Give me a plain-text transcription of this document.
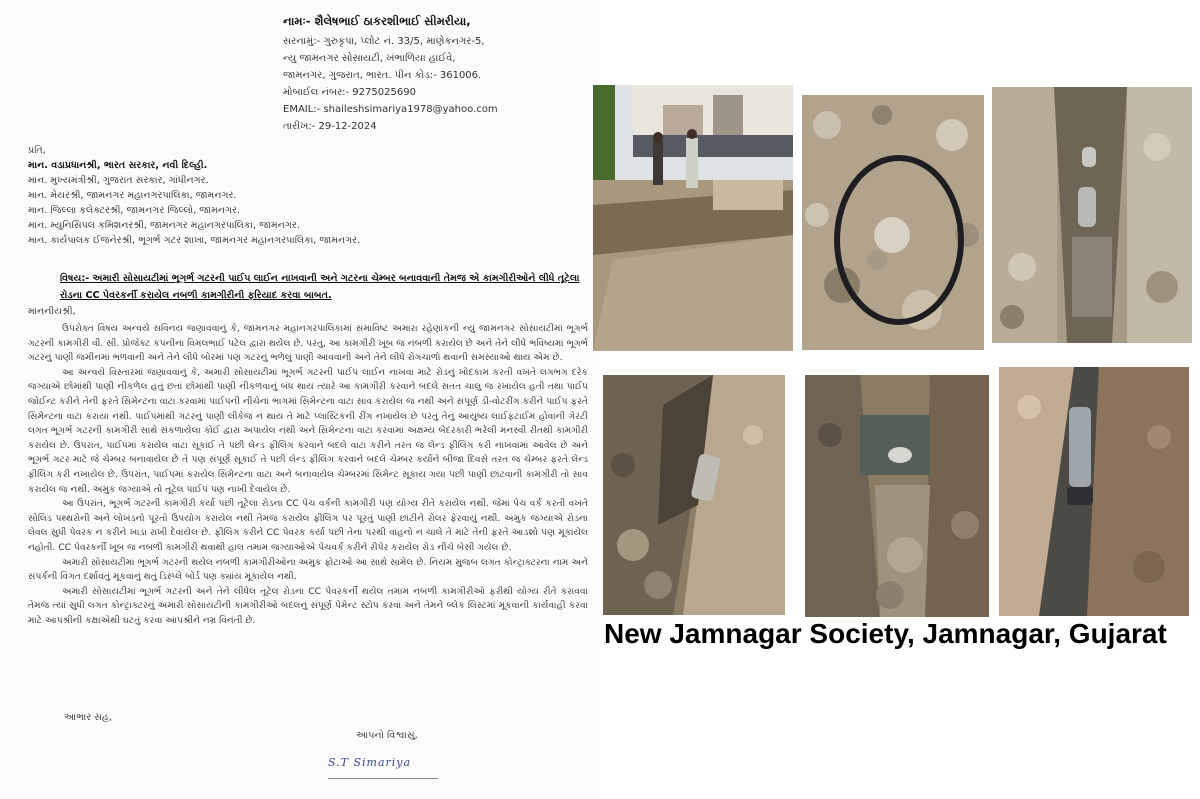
નામઃ- શૈલેષભાઈ ઠાકરશીભાઈ સીમરીયા,
સરનામું:- ગુરુકૃપા, પ્લોટ નં. 33/5, માણેકનગર-5,
ન્યુ જામનગર સોસાયટી, ખંભાળિયા હાઈવે,
જામનગર, ગુજરાત, ભારત. પીન કોડ:- 361006.
મોબાઈલ નંબર:- 9275025690
EMAIL:- shaileshsimariya1978@yahoo.com
તારીખ:- 29-12-2024
પ્રતિ,
માન. વડાપ્રધાનશ્રી, ભારત સરકાર, નવી દિલ્હી.
માન. મુખ્યમંત્રીશ્રી, ગુજરાત સરકાર, ગાંધીનગર.
માન. મેયરશ્રી, જામનગર મહાનગરપાલિકા, જામનગર.
માન. જિલ્લા કલેક્ટરશ્રી, જામનગર જિલ્લો, જામનગર.
માન. મ્યુનિસિપલ કમિશનરશ્રી, જામનગર મહાનગરપાલિકા, જામનગર.
માન. કાર્યપાલક ઈજનેરશ્રી, ભૂગર્ભ ગટર શાખા, જામનગર મહાનગરપાલિકા, જામનગર.
વિષય:- અમારી સોસાયટીમાં ભૂગર્ભ ગટરની પાઈપ લાઈન નાખવાની અને ગટરના ચેમ્બર બનાવવાની તેમજ એ કામગીરીઓને લીધે તૂટેલા રોડના CC પેવરકર્ની કરાયેલ નબળી કામગીરીની ફરિયાદ કરવા બાબત.
માનનીયશ્રી,

ઉપરોક્ત વિષય અન્વયે સવિનય જણાવવાનું કે, જામનગર મહાનગરપાલિકામાં સમાવિષ્ટ અમારા રહેણાંકની ન્યુ જામનગર સોસાયટીમાં ભૂગર્ભ ગટરની કામગીરી વી. સી. પ્રોજેક્ટ કંપનીના વિમલભાઈ પટેલ દ્વારા થયેલ છે. પરંતુ, આ કામગીરી ખૂબ જ નબળી કરાયેલ છે અને તેને લીધે ભવિષ્યમાં ભૂગર્ભ ગટરનું પાણી જમીનમાં ભળવાની અને તેને લીધે બોરમાં પણ ગટરનું ભળેલું પાણી આવવાની અને તેને લીધે રોગચાળો થવાની સમસ્યાઓ થાય એમ છે.

આ અન્વયે વિસ્તારમાં જણાવવાનું કે, અમારી સોસાયટીમાં ભૂગર્ભ ગટરની પાઈપ લાઈન નાખવા માટે રોડનું ખોદકામ કરતી વખતે લગભગ દરેક જગ્યાએ છોમાંથી પાણી નીકળેલ હતું છતાં છોમાંથી પાણી નીકળવાનું બંધ થાય ત્યારે આ કામગીરી કરવાને બદલે સતત ચાલુ જ રખાયેલ હતી તથા પાઈપ જોઈન્ટ કરીને તેની ફરતે સિમેન્ટના વાટા કરવામાં પાઈપની નીચેના ભાગમાં સિમેન્ટના વાટા સાવ કરાયેલ જ નથી અને સંપૂર્ણ ડી-વોટરીંગ કરીને પાઈપ ફરતે સિમેન્ટના વાટા કરાયા નથી. પાઈપમાંથી ગટરનું પાણી લીકેજ ન થાય તે માટે પ્લાસ્ટિકની રીંગ નખાયેલ છે પરંતુ તેનું આયુષ્ય લાઈફટાઈમ હોવાની ગેરંટી લગત ભૂગર્ભ ગટરની કામગીરી સાથે સંકળાયેલા કોઈ દ્વારા અપાયેલ નથી અને સિમેન્ટના વાટા કરવામાં અક્ષમ્ય બેદરકારી ભરેલી મનસ્વી રીતથી કામગીરી કરાયેલ છે. ઉપરાંત, પાઈપમાં કરાયેલ વાટા સૂકાઈ તે પછી લેન્ડ ફીલિંગ કરવાને બદલે વાટા કરીને તરત જ લેન્ડ ફીલિંગ કરી નાખવામાં આવેલ છે અને ભૂગર્ભ ગટર માટે જે ચેમ્બર બનાવાયેલ છે તે પણ સંપૂર્ણ સૂકાઈ તે પછી લેન્ડ ફીલિંગ કરવાને બદલે ચેમ્બર કર્યાને બીજા દિવસે તરત જ ચેમ્બર ફરતે લેન્ડ ફીલિંગ કરી નખાયેલ છે. ઉપરાંત, પાઈપમાં કરાયેલ સિમેન્ટના વાટા અને બનાવાયેલ ચેમ્બરમાં સિમેન્ટ સૂકાય ગયા પછી પાણી છાંટવાની કામગીરી તો સાવ કરાયેલ જ નથી. અમુક જગ્યાએ તો તૂટેલ પાઈપ પણ નાખી દેવાયેલ છે.

આ ઉપરાંત, ભૂગર્ભ ગટરની કામગીરી કર્યા પછી તૂટેલા રોડના CC પેચ વર્કની કામગીરી પણ યોગ્ય રીતે કરાયેલ નથી. જેમાં પેચ વર્ક કરતી વખતે સોલિડ પથ્થરોની અને લોખંડનો પૂરતો ઉપયોગ કરાયેલ નથી તેમજ કરાયેલ ફીલિંગ પર પૂરતું પાણી છાંટીને રોલર ફેરવાયું નથી. અમુક જગ્યાએ રોડના લેવલ સુધી પેવરક ન કરીને ખાડા રાખી દેવાયેલ છે. ફીલિંગ કરીને CC પેવરક કર્યા પછી તેના પરથી વાહનો ન ચાલે તે માટે તેની ફરતે આડશો પણ મૂકાયેલ નહોતી. CC પેવરકર્ની ખૂબ જ નબળી કામગીરી થવાથી હાલ તમામ જગ્યાઓએ પેચવર્ક કરીને રીપેર કરાયેલ રોડ નીચે બેસી ગયેલ છે.

અમારી સોસાયટીમાં ભૂગર્ભ ગટરની થયેલ નબળી કામગીરીઓના અમુક ફોટાઓ આ સાથે સામેલ છે. નિયમ મુજબ લગત કોન્ટ્રાક્ટરના નામ અને સંપર્કની વિગત દર્શાવતું મૂકવાનું થતું ડિસ્પ્લે બોર્ડ પણ ક્યાંય મૂકાયેલ નથી.

અમારી સોસાયટીમાં ભૂગર્ભ ગટરની અને તેને લીધેલ તૂટેલ રોડના CC પેવરકર્ની થયેલ તમામ નબળી કામગીરીઓ ફરીથી યોગ્ય રીતે કરાવવા તેમજ ત્યાં સુધી લગત કોન્ટ્રાક્ટરનું અમારી સોસાયટીની કામગીરીઓ બદલનું સંપૂર્ણ પેમેન્ટ સ્ટોપ કરવા અને તેમને બ્લેક લિસ્ટમાં મૂકવાની કાર્યવાહી કરવા માટે આપશ્રીની કક્ષાએથી ઘટતું કરવા આપશ્રીને નમ્ર વિનંતી છે.

આભાર સહ,
આપનો વિશ્વાસુ,
S.T Simariya
New Jamnagar Society, Jamnagar, Gujarat
